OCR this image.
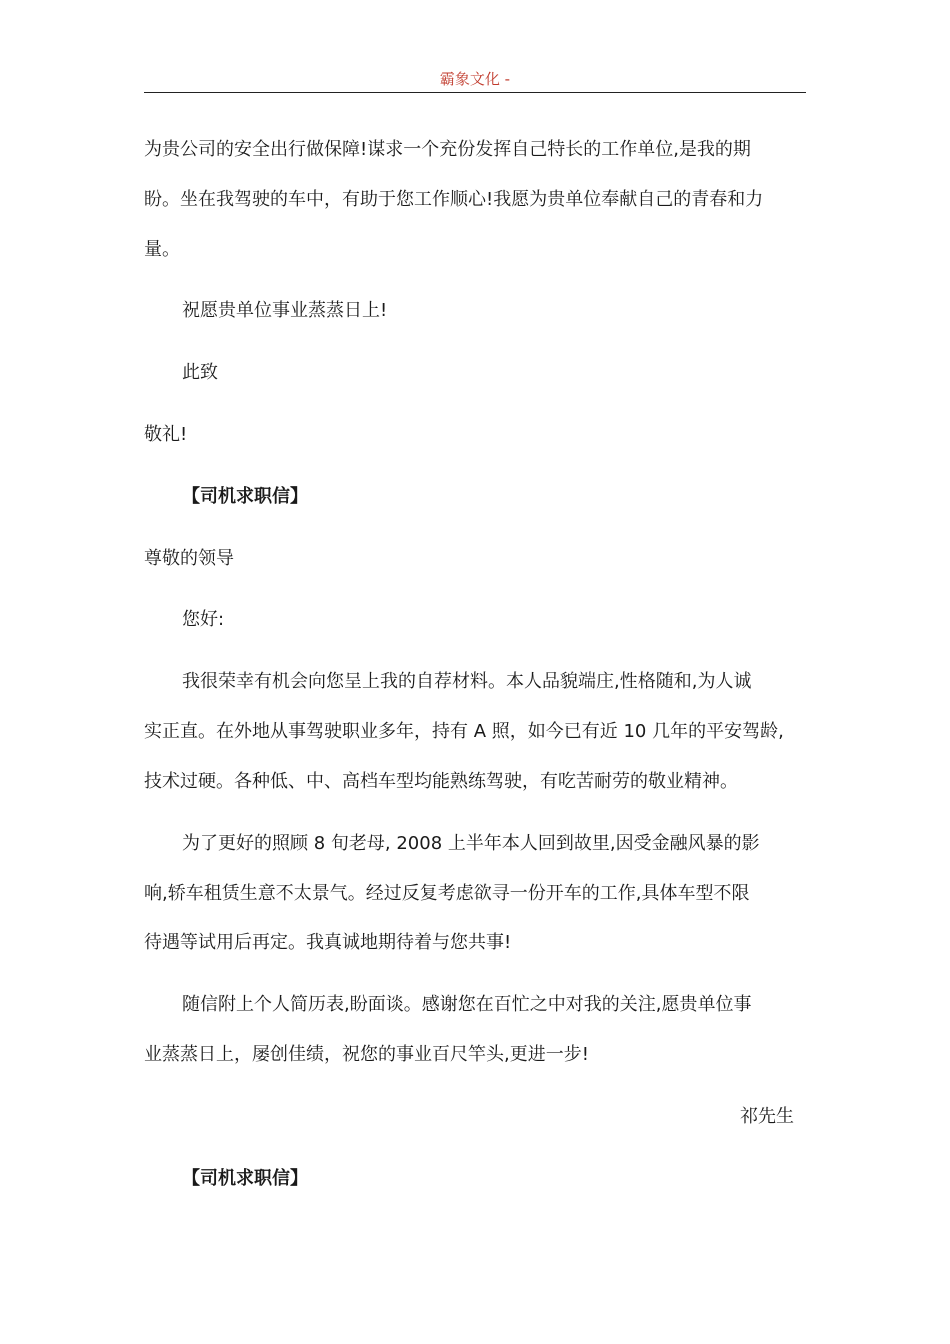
霸象文化 -
为贵公司的安全出行做保障!谋求一个充份发挥自己特长的工作单位,是我的期
盼。坐在我驾驶的车中，有助于您工作顺心!我愿为贵单位奉献自己的青春和力
量。
祝愿贵单位事业蒸蒸日上!
此致
敬礼!
【司机求职信】
尊敬的领导
您好:
我很荣幸有机会向您呈上我的自荐材料。本人品貌端庄,性格随和,为人诚
实正直。在外地从事驾驶职业多年，持有 A 照，如今已有近 10 几年的平安驾龄,
技术过硬。各种低、中、高档车型均能熟练驾驶，有吃苦耐劳的敬业精神。
为了更好的照顾 8 旬老母, 2008 上半年本人回到故里,因受金融风暴的影
响,轿车租赁生意不太景气。经过反复考虑欲寻一份开车的工作,具体车型不限
待遇等试用后再定。我真诚地期待着与您共事!
随信附上个人简历表,盼面谈。感谢您在百忙之中对我的关注,愿贵单位事
业蒸蒸日上，屡创佳绩，祝您的事业百尺竿头,更进一步!
祁先生
【司机求职信】
